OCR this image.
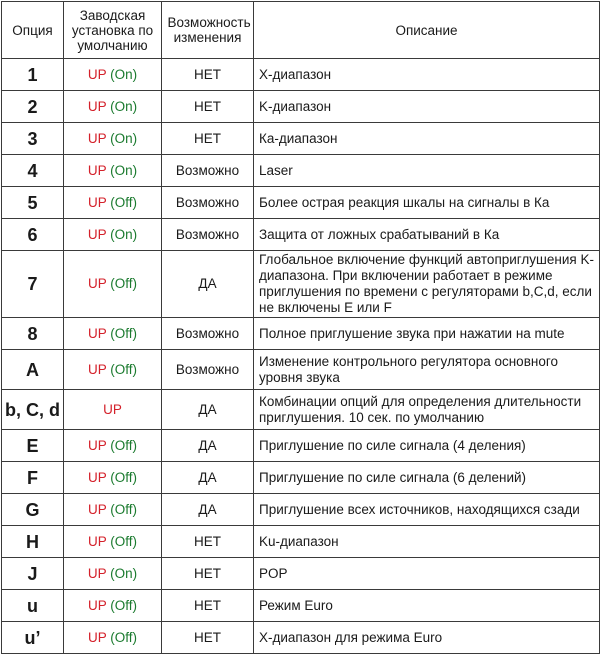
Опция	Заводская установка по умолчанию	Возможность изменения	Описание
1	UP (On)	НЕТ	X-диапазон
2	UP (On)	НЕТ	K-диапазон
3	UP (On)	НЕТ	Ка-диапазон
4	UP (On)	Возможно	Laser
5	UP (Off)	Возможно	Более острая реакция шкалы на сигналы в Ка
6	UP (On)	Возможно	Защита от ложных срабатываний в Ка
7	UP (Off)	ДА	Глобальное включение функций автоприглушения K-диапазона. При включении работает в режиме приглушения по времени с регуляторами b,C,d, если не включены E или F
8	UP (Off)	Возможно	Полное приглушение звука при нажатии на mute
A	UP (Off)	Возможно	Изменение контрольного регулятора основного уровня звука
b, C, d	UP	ДА	Комбинации опций для определения длительности приглушения. 10 сек. по умолчанию
E	UP (Off)	ДА	Приглушение по силе сигнала (4 деления)
F	UP (Off)	ДА	Приглушение по силе сигнала (6 делений)
G	UP (Off)	ДА	Приглушение всех источников, находящихся сзади
H	UP (Off)	НЕТ	Ku-диапазон
J	UP (On)	НЕТ	POP
u	UP (Off)	НЕТ	Режим Euro
u’	UP (Off)	НЕТ	X-диапазон для режима Euro
